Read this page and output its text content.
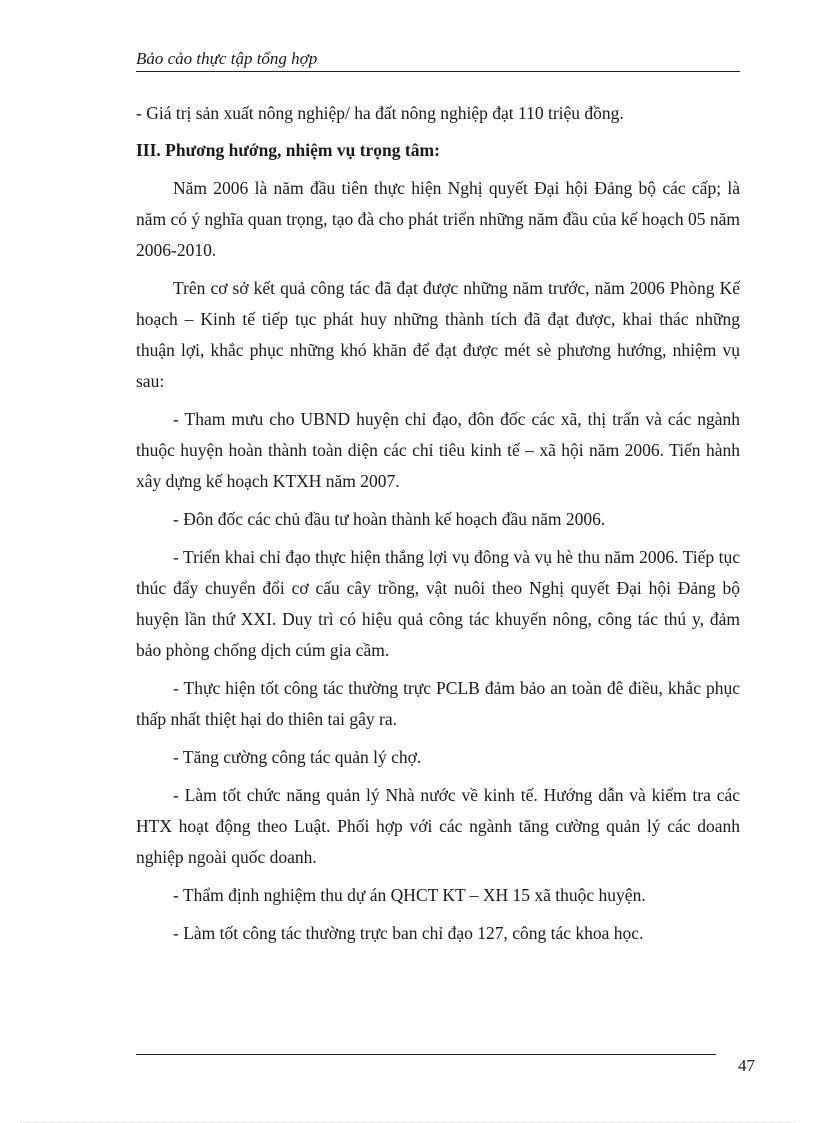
Bảo cảo thực tập tổng hợp

- Giá trị sản xuất nông nghiệp/ ha đất nông nghiệp đạt 110 triệu đồng.

III. Phương hướng, nhiệm vụ trọng tâm:

Năm 2006 là năm đầu tiên thực hiện Nghị quyết Đại hội Đảng bộ các cấp; là năm có ý nghĩa quan trọng, tạo đà cho phát triển những năm đầu của kế hoạch 05 năm 2006-2010.

Trên cơ sở kết quả công tác đã đạt được những năm trước, năm 2006 Phòng Kế hoạch – Kinh tế tiếp tục phát huy những thành tích đã đạt được, khai thác những thuận lợi, khắc phục những khó khăn để đạt được mét sè phương hướng, nhiệm vụ sau:

- Tham mưu cho UBND huyện chỉ đạo, đôn đốc các xã, thị trấn và các ngành thuộc huyện hoàn thành toàn diện các chỉ tiêu kinh tế – xã hội năm 2006. Tiến hành xây dựng kế hoạch KTXH năm 2007.

- Đôn đốc các chủ đầu tư hoàn thành kế hoạch đầu năm 2006.

- Triển khai chỉ đạo thực hiện thắng lợi vụ đông và vụ hè thu năm 2006. Tiếp tục thúc đẩy chuyển đổi cơ cấu cây trồng, vật nuôi theo Nghị quyết Đại hội Đảng bộ huyện lần thứ XXI. Duy trì có hiệu quả công tác khuyến nông, công tác thú y, đảm bảo phòng chống dịch cúm gia cầm.

- Thực hiện tốt công tác thường trực PCLB đảm bảo an toàn đê điều, khắc phục thấp nhất thiệt hại do thiên tai gây ra.

- Tăng cường công tác quản lý chợ.

- Làm tốt chức năng quản lý Nhà nước về kinh tế. Hướng dẫn và kiểm tra các HTX hoạt động theo Luật. Phối hợp với các ngành tăng cường quản lý các doanh nghiệp ngoài quốc doanh.

- Thẩm định nghiệm thu dự án QHCT KT – XH 15 xã thuộc huyện.

- Làm tốt công tác thường trực ban chỉ đạo 127, công tác khoa học.

47
